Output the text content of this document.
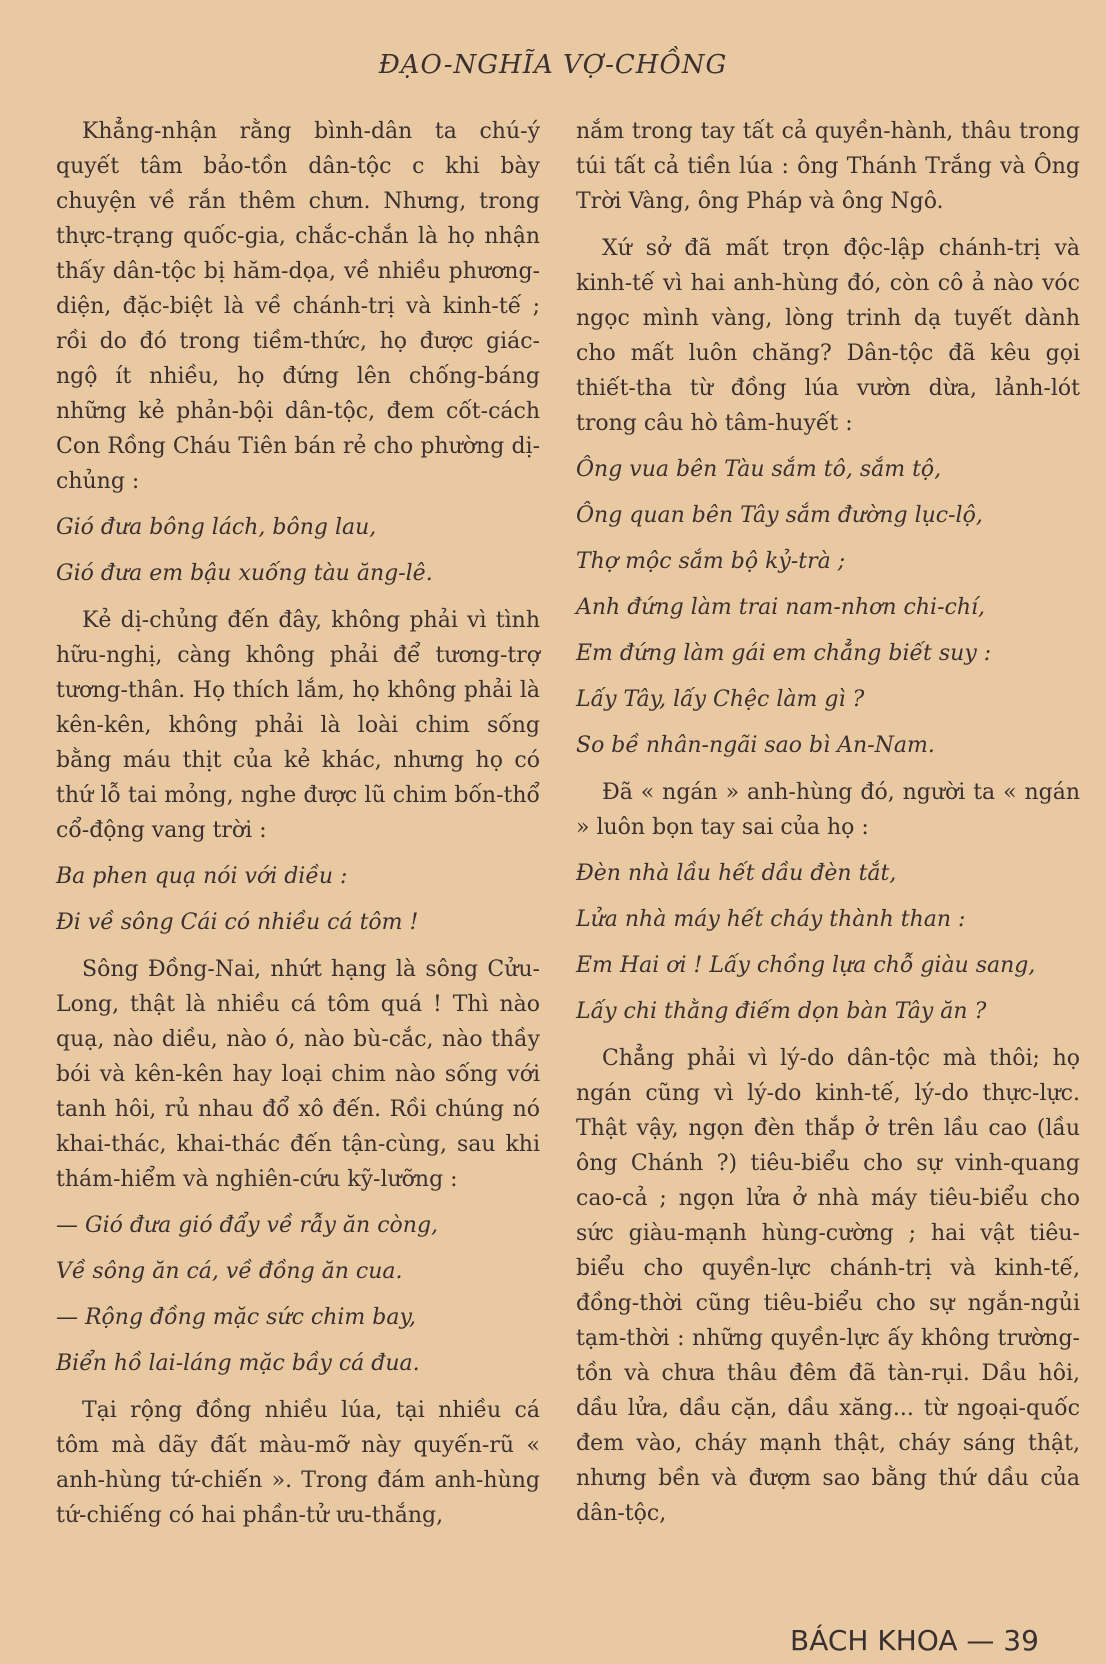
ĐẠO-NGHĨA VỢ-CHỒNG

Khẳng-nhận rằng bình-dân ta chú-ý quyết tâm bảo-tồn dân-tộc c khi bày chuyện về rắn thêm chưn. Nhưng, trong thực-trạng quốc-gia, chắc-chắn là họ nhận thấy dân-tộc bị hăm-dọa, về nhiều phương-diện, đặc-biệt là về chánh-trị và kinh-tế ; rồi do đó trong tiềm-thức, họ được giác-ngộ ít nhiều, họ đứng lên chống-báng những kẻ phản-bội dân-tộc, đem cốt-cách Con Rồng Cháu Tiên bán rẻ cho phường dị-chủng :

Gió đưa bông lách, bông lau,

Gió đưa em bậu xuống tàu ăng-lê.

Kẻ dị-chủng đến đây, không phải vì tình hữu-nghị, càng không phải để tương-trợ tương-thân. Họ thích lắm, họ không phải là kên-kên, không phải là loài chim sống bằng máu thịt của kẻ khác, nhưng họ có thứ lỗ tai mỏng, nghe được lũ chim bốn-thổ cổ-động vang trời :

Ba phen quạ nói với diều :

Đi về sông Cái có nhiều cá tôm !

Sông Đồng-Nai, nhứt hạng là sông Cửu-Long, thật là nhiều cá tôm quá ! Thì nào quạ, nào diều, nào ó, nào bù-cắc, nào thầy bói và kên-kên hay loại chim nào sống với tanh hôi, rủ nhau đổ xô đến. Rồi chúng nó khai-thác, khai-thác đến tận-cùng, sau khi thám-hiểm và nghiên-cứu kỹ-lưỡng :

— Gió đưa gió đẩy về rẫy ăn còng,

Về sông ăn cá, về đồng ăn cua.

— Rộng đồng mặc sức chim bay,

Biển hồ lai-láng mặc bầy cá đua.

Tại rộng đồng nhiều lúa, tại nhiều cá tôm mà dãy đất màu-mỡ này quyến-rũ « anh-hùng tứ-chiến ». Trong đám anh-hùng tứ-chiếng có hai phần-tử ưu-thắng,

nắm trong tay tất cả quyền-hành, thâu trong túi tất cả tiền lúa : ông Thánh Trắng và Ông Trời Vàng, ông Pháp và ông Ngô.

Xứ sở đã mất trọn độc-lập chánh-trị và kinh-tế vì hai anh-hùng đó, còn cô ả nào vóc ngọc mình vàng, lòng trinh dạ tuyết dành cho mất luôn chăng? Dân-tộc đã kêu gọi thiết-tha từ đồng lúa vườn dừa, lảnh-lót trong câu hò tâm-huyết :

Ông vua bên Tàu sắm tô, sắm tộ,

Ông quan bên Tây sắm đường lục-lộ,

Thợ mộc sắm bộ kỷ-trà ;

Anh đứng làm trai nam-nhơn chi-chí,

Em đứng làm gái em chẳng biết suy :

Lấy Tây, lấy Chệc làm gì ?

So bề nhân-ngãi sao bì An-Nam.

Đã « ngán » anh-hùng đó, người ta « ngán » luôn bọn tay sai của họ :

Đèn nhà lầu hết dầu đèn tắt,

Lửa nhà máy hết cháy thành than :

Em Hai ơi ! Lấy chồng lựa chỗ giàu sang,

Lấy chi thằng điếm dọn bàn Tây ăn ?

Chẳng phải vì lý-do dân-tộc mà thôi; họ ngán cũng vì lý-do kinh-tế, lý-do thực-lực. Thật vậy, ngọn đèn thắp ở trên lầu cao (lầu ông Chánh ?) tiêu-biểu cho sự vinh-quang cao-cả ; ngọn lửa ở nhà máy tiêu-biểu cho sức giàu-mạnh hùng-cường ; hai vật tiêu-biểu cho quyền-lực chánh-trị và kinh-tế, đồng-thời cũng tiêu-biểu cho sự ngắn-ngủi tạm-thời : những quyền-lực ấy không trường-tồn và chưa thâu đêm đã tàn-rụi. Dầu hôi, dầu lửa, dầu cặn, dầu xăng... từ ngoại-quốc đem vào, cháy mạnh thật, cháy sáng thật, nhưng bền và đượm sao bằng thứ dầu của dân-tộc,

BÁCH KHOA — 39
